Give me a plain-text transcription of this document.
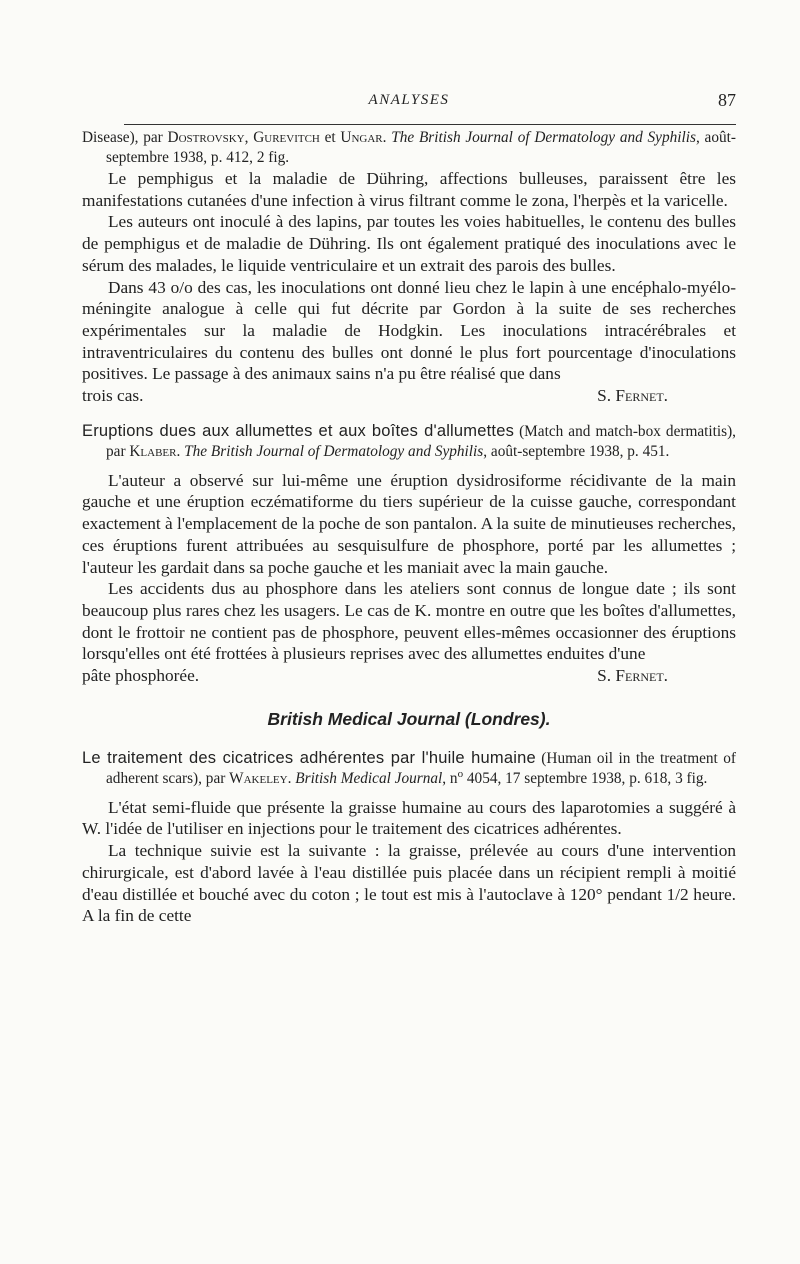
ANALYSES	87

Disease), par Dostrovsky, Gurevitch et Ungar. The British Journal of Dermatology and Syphilis, août-septembre 1938, p. 412, 2 fig.

Le pemphigus et la maladie de Dühring, affections bulleuses, paraissent être les manifestations cutanées d'une infection à virus filtrant comme le zona, l'herpès et la varicelle.

Les auteurs ont inoculé à des lapins, par toutes les voies habituelles, le contenu des bulles de pemphigus et de maladie de Dühring. Ils ont également pratiqué des inoculations avec le sérum des malades, le liquide ventriculaire et un extrait des parois des bulles.

Dans 43 o/o des cas, les inoculations ont donné lieu chez le lapin à une encéphalo-myélo-méningite analogue à celle qui fut décrite par Gordon à la suite de ses recherches expérimentales sur la maladie de Hodgkin. Les inoculations intracérébrales et intraventriculaires du contenu des bulles ont donné le plus fort pourcentage d'inoculations positives. Le passage à des animaux sains n'a pu être réalisé que dans

trois cas.	S. Fernet.

Eruptions dues aux allumettes et aux boîtes d'allumettes (Match and match-box dermatitis), par Klaber. The British Journal of Dermatology and Syphilis, août-septembre 1938, p. 451.

L'auteur a observé sur lui-même une éruption dysidrosiforme récidivante de la main gauche et une éruption eczématiforme du tiers supérieur de la cuisse gauche, correspondant exactement à l'emplacement de la poche de son pantalon. A la suite de minutieuses recherches, ces éruptions furent attribuées au sesquisulfure de phosphore, porté par les allumettes ; l'auteur les gardait dans sa poche gauche et les maniait avec la main gauche.

Les accidents dus au phosphore dans les ateliers sont connus de longue date ; ils sont beaucoup plus rares chez les usagers. Le cas de K. montre en outre que les boîtes d'allumettes, dont le frottoir ne contient pas de phosphore, peuvent elles-mêmes occasionner des éruptions lorsqu'elles ont été frottées à plusieurs reprises avec des allumettes enduites d'une

pâte phosphorée.	S. Fernet.

British Medical Journal (Londres).

Le traitement des cicatrices adhérentes par l'huile humaine (Human oil in the treatment of adherent scars), par Wakeley. British Medical Journal, $n^o$ 4054, 17 septembre 1938, p. 618, 3 fig.

L'état semi-fluide que présente la graisse humaine au cours des laparotomies a suggéré à W. l'idée de l'utiliser en injections pour le traitement des cicatrices adhérentes.

La technique suivie est la suivante : la graisse, prélevée au cours d'une intervention chirurgicale, est d'abord lavée à l'eau distillée puis placée dans un récipient rempli à moitié d'eau distillée et bouché avec du coton ; le tout est mis à l'autoclave à 120° pendant 1/2 heure. A la fin de cette
